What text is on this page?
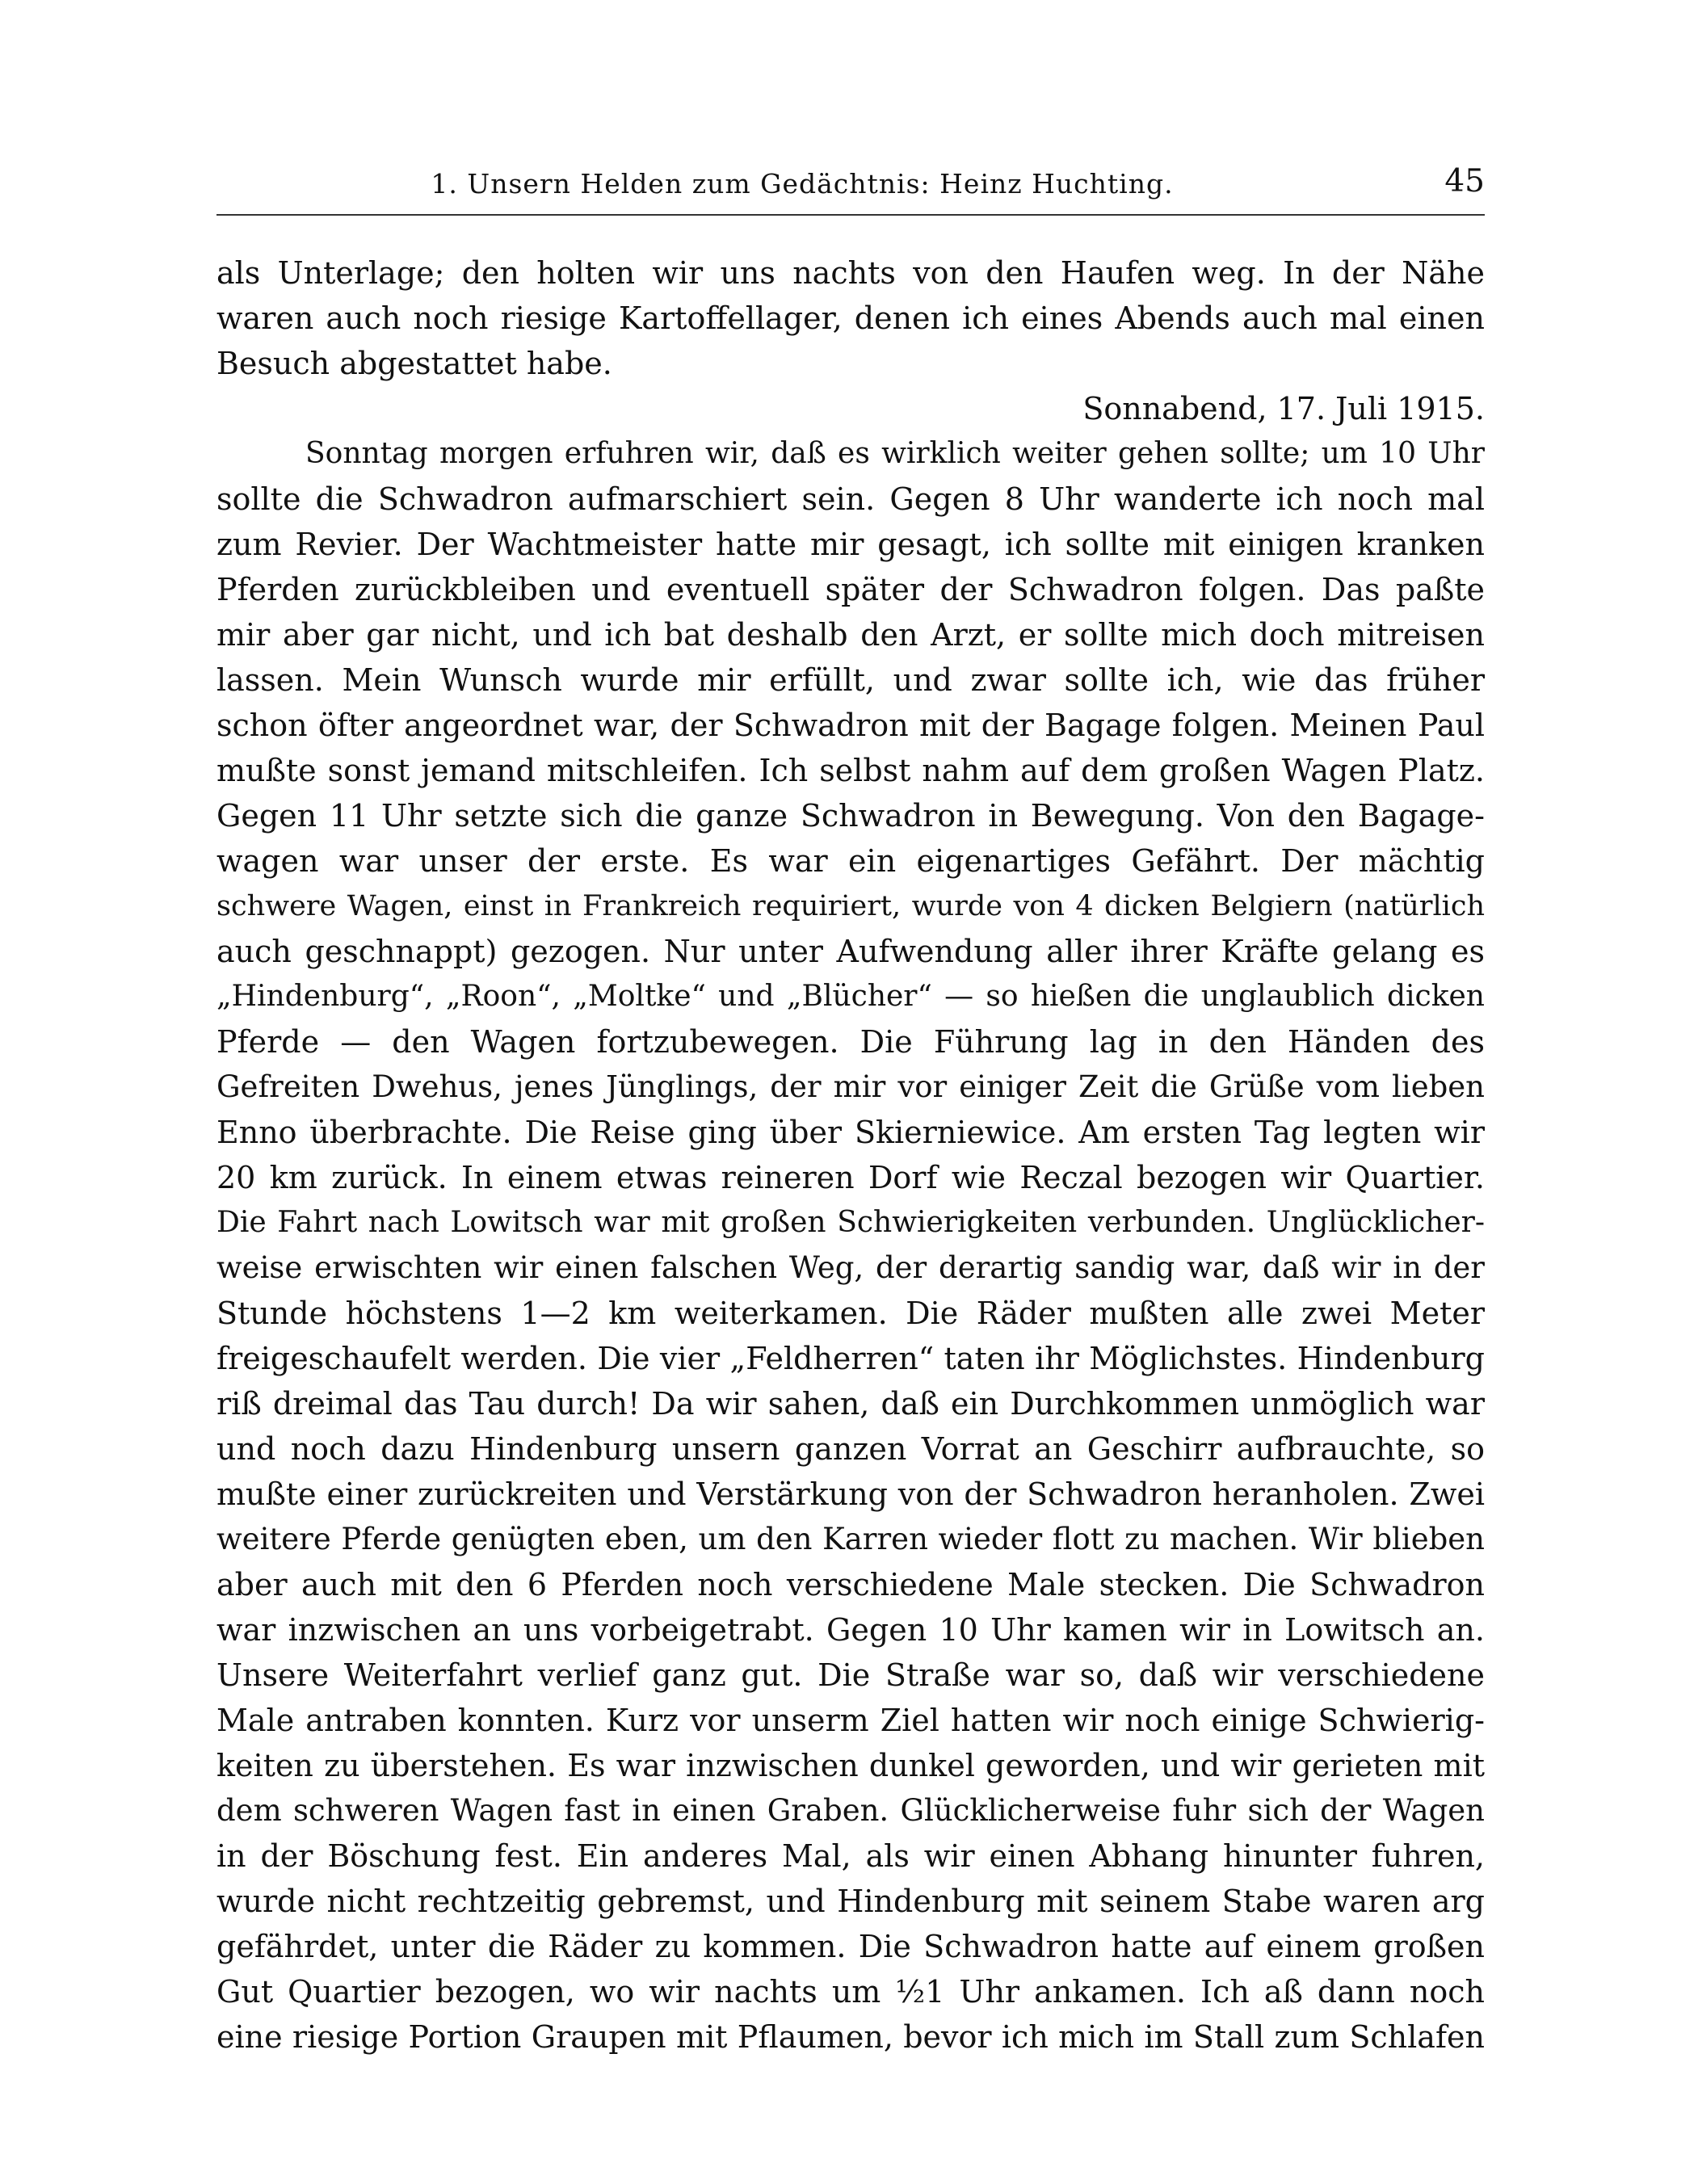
1. Unsern Helden zum Gedächtnis: Heinz Huchting.	45
als Unterlage; den holten wir uns nachts von den Haufen weg. In der Nähe
waren auch noch riesige Kartoffellager, denen ich eines Abends auch mal einen
Besuch abgestattet habe.
Sonnabend, 17. Juli 1915.
Sonntag morgen erfuhren wir, daß es wirklich weiter gehen sollte; um 10 Uhr
sollte die Schwadron aufmarschiert sein. Gegen 8 Uhr wanderte ich noch mal
zum Revier. Der Wachtmeister hatte mir gesagt, ich sollte mit einigen kranken
Pferden zurückbleiben und eventuell später der Schwadron folgen. Das paßte
mir aber gar nicht, und ich bat deshalb den Arzt, er sollte mich doch mitreisen
lassen. Mein Wunsch wurde mir erfüllt, und zwar sollte ich, wie das früher
schon öfter angeordnet war, der Schwadron mit der Bagage folgen. Meinen Paul
mußte sonst jemand mitschleifen. Ich selbst nahm auf dem großen Wagen Platz.
Gegen 11 Uhr setzte sich die ganze Schwadron in Bewegung. Von den Bagage-
wagen war unser der erste. Es war ein eigenartiges Gefährt. Der mächtig
schwere Wagen, einst in Frankreich requiriert, wurde von 4 dicken Belgiern (natürlich
auch geschnappt) gezogen. Nur unter Aufwendung aller ihrer Kräfte gelang es
„Hindenburg“, „Roon“, „Moltke“ und „Blücher“ — so hießen die unglaublich dicken
Pferde — den Wagen fortzubewegen. Die Führung lag in den Händen des
Gefreiten Dwehus, jenes Jünglings, der mir vor einiger Zeit die Grüße vom lieben
Enno überbrachte. Die Reise ging über Skierniewice. Am ersten Tag legten wir
20 km zurück. In einem etwas reineren Dorf wie Reczal bezogen wir Quartier.
Die Fahrt nach Lowitsch war mit großen Schwierigkeiten verbunden. Unglücklicher-
weise erwischten wir einen falschen Weg, der derartig sandig war, daß wir in der
Stunde höchstens 1—2 km weiterkamen. Die Räder mußten alle zwei Meter
freigeschaufelt werden. Die vier „Feldherren“ taten ihr Möglichstes. Hindenburg
riß dreimal das Tau durch! Da wir sahen, daß ein Durchkommen unmöglich war
und noch dazu Hindenburg unsern ganzen Vorrat an Geschirr aufbrauchte, so
mußte einer zurückreiten und Verstärkung von der Schwadron heranholen. Zwei
weitere Pferde genügten eben, um den Karren wieder flott zu machen. Wir blieben
aber auch mit den 6 Pferden noch verschiedene Male stecken. Die Schwadron
war inzwischen an uns vorbeigetrabt. Gegen 10 Uhr kamen wir in Lowitsch an.
Unsere Weiterfahrt verlief ganz gut. Die Straße war so, daß wir verschiedene
Male antraben konnten. Kurz vor unserm Ziel hatten wir noch einige Schwierig-
keiten zu überstehen. Es war inzwischen dunkel geworden, und wir gerieten mit
dem schweren Wagen fast in einen Graben. Glücklicherweise fuhr sich der Wagen
in der Böschung fest. Ein anderes Mal, als wir einen Abhang hinunter fuhren,
wurde nicht rechtzeitig gebremst, und Hindenburg mit seinem Stabe waren arg
gefährdet, unter die Räder zu kommen. Die Schwadron hatte auf einem großen
Gut Quartier bezogen, wo wir nachts um ½1 Uhr ankamen. Ich aß dann noch
eine riesige Portion Graupen mit Pflaumen, bevor ich mich im Stall zum Schlafen
